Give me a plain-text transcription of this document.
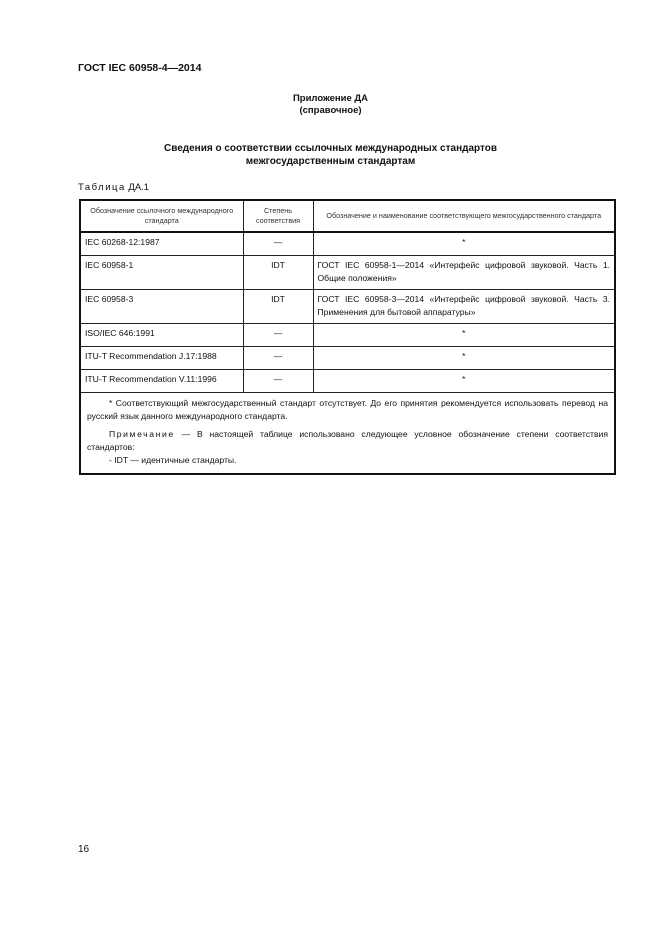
ГОСТ IEC 60958-4—2014
Приложение ДА
(справочное)
Сведения о соответствии ссылочных международных стандартов
межгосударственным стандартам
Таблица ДА.1
Обозначение ссылочного международного стандарта	Степень соответствия	Обозначение и наименование соответствующего межгосударственного стандарта
IEC 60268-12:1987	—	*
IEC 60958-1	IDT	ГОСТ IEC 60958-1—2014 «Интерфейс цифровой звуковой. Часть 1. Общие положения»
IEC 60958-3	IDT	ГОСТ IEC 60958-3—2014 «Интерфейс цифровой звуковой. Часть 3. Применения для бытовой аппаратуры»
ISO/IEC 646:1991	—	*
ITU-T Recommendation J.17:1988	—	*
ITU-T Recommendation V.11:1996	—	*

* Соответствующий межгосударственный стандарт отсутствует. До его принятия рекомендуется использовать перевод на русский язык данного международного стандарта.

Примечание — В настоящей таблице использовано следующее условное обозначение степени соответствия стандартов:

- IDT — идентичные стандарты.		

16
